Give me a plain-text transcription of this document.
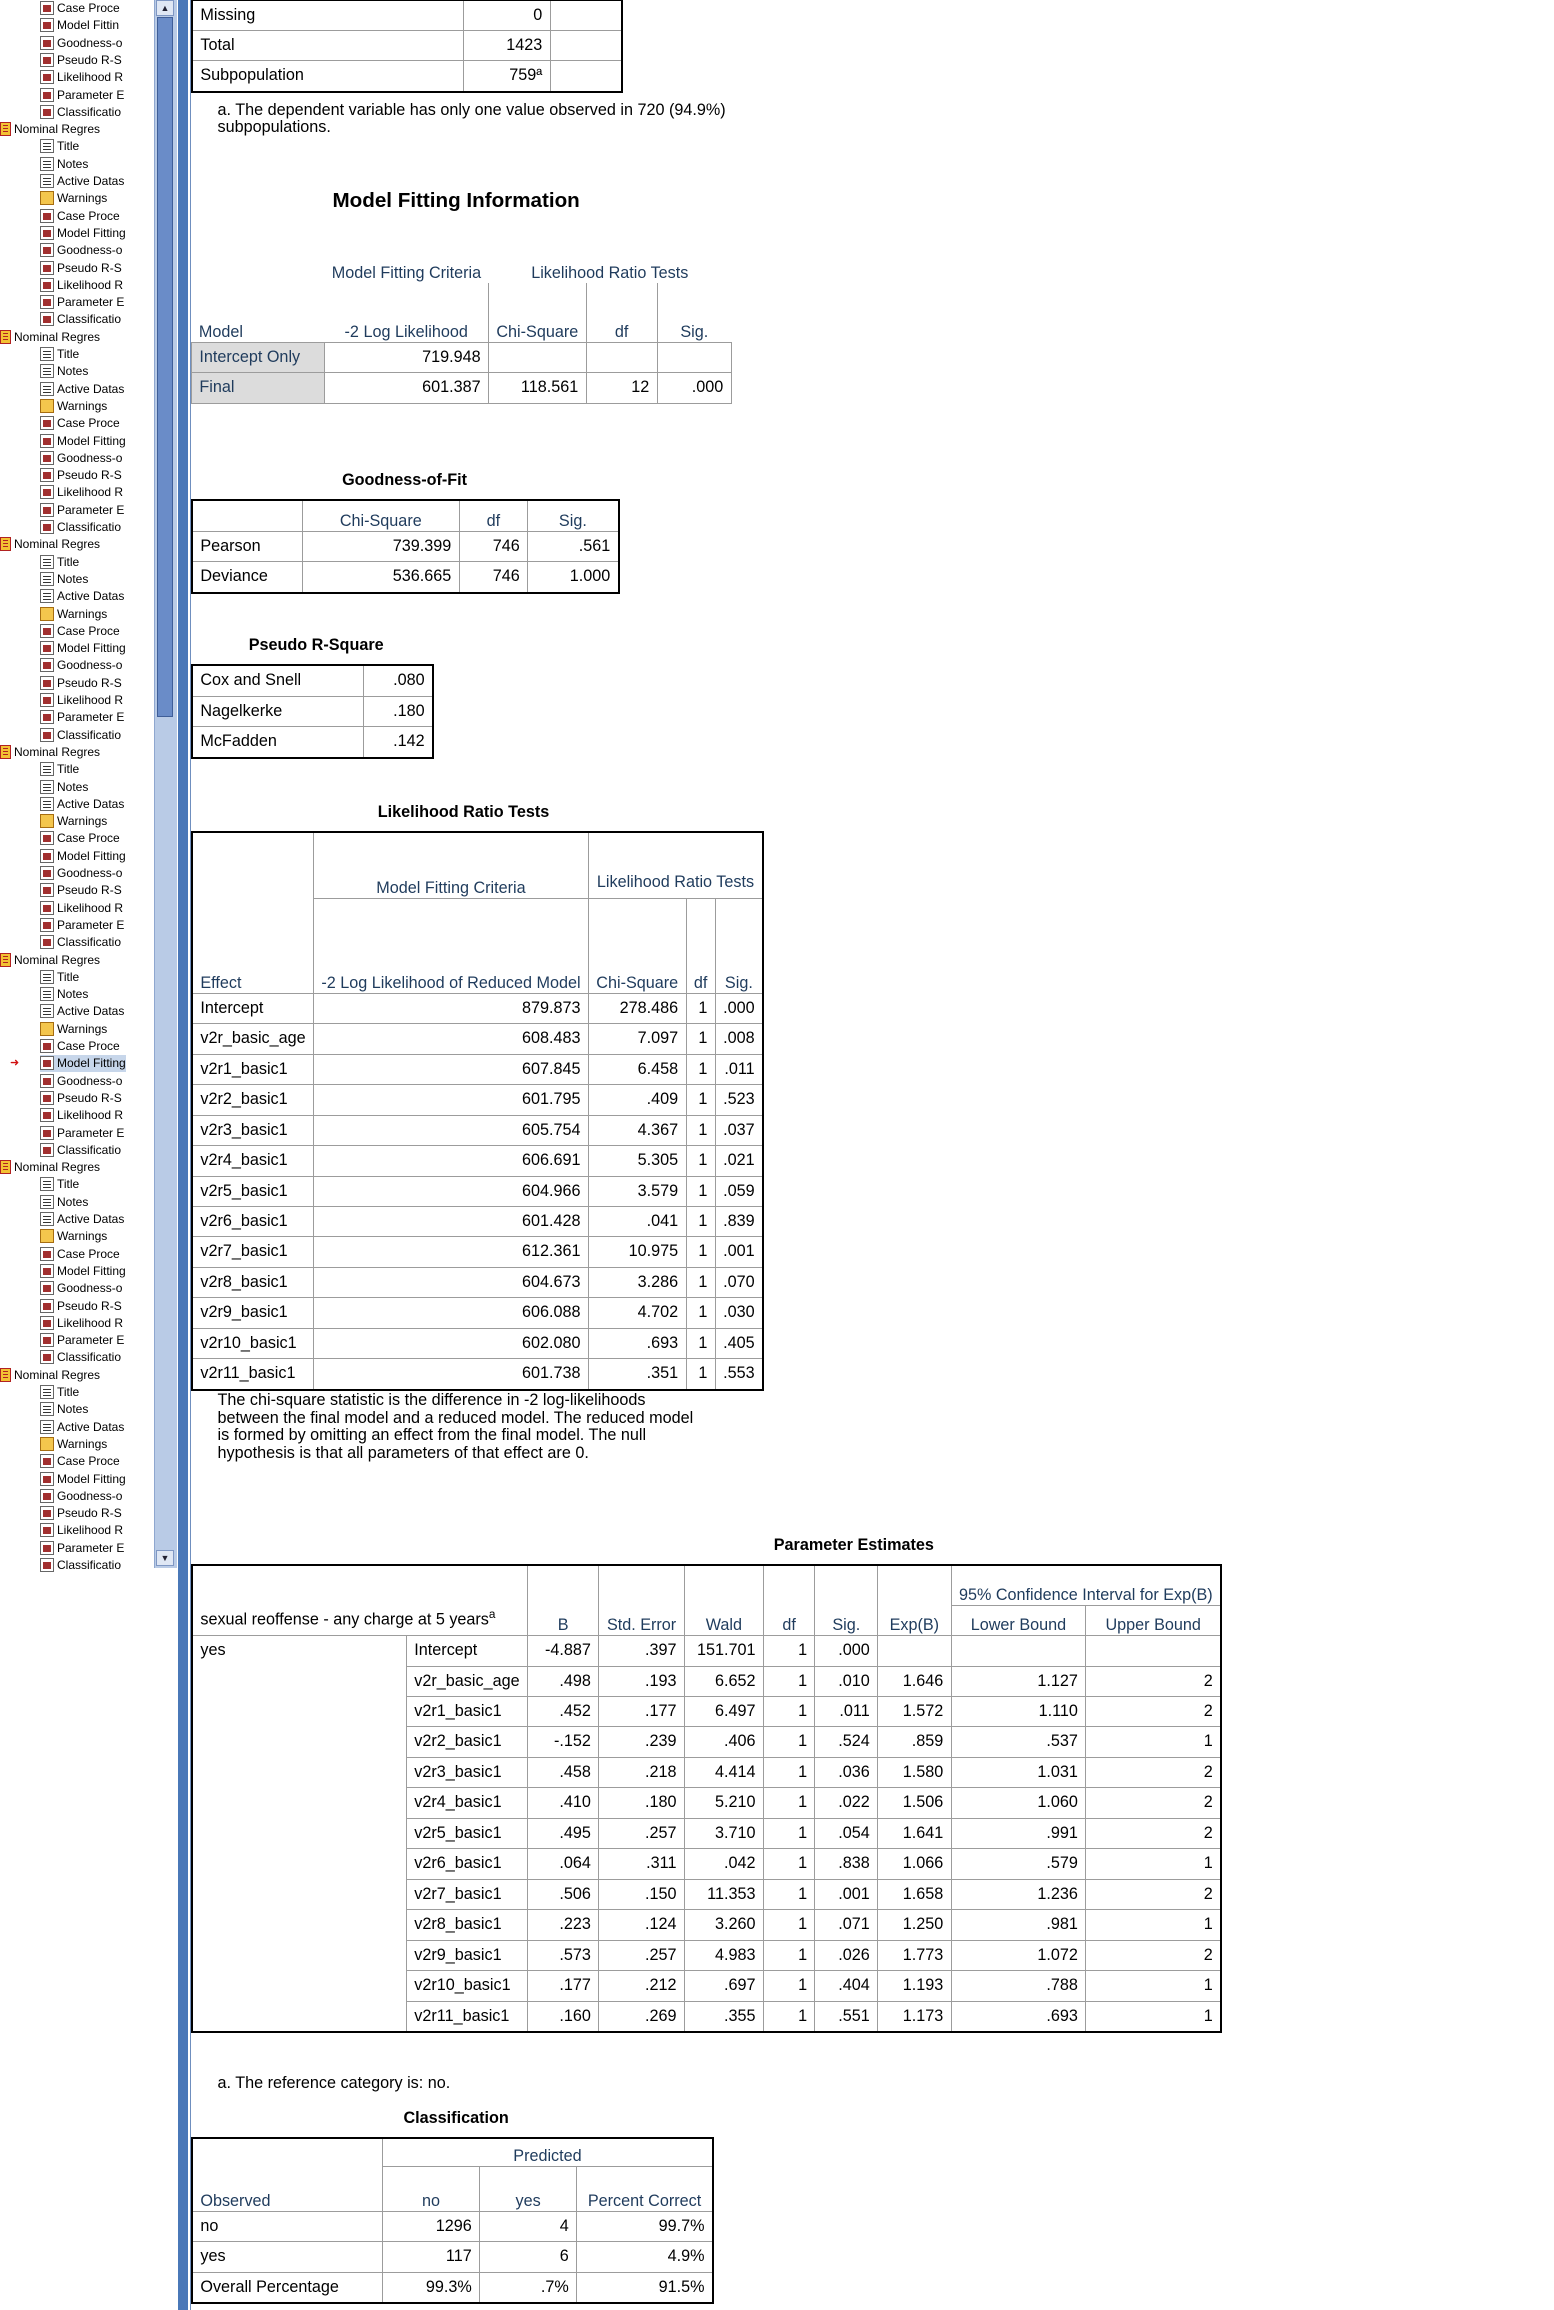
Case Proce
Model Fittin
Goodness-o
Pseudo R-S
Likelihood R
Parameter E
Classificatio
Nominal Regres
Title
Notes
Active Datas
Warnings
Case Proce
Model Fitting
Goodness-o
Pseudo R-S
Likelihood R
Parameter E
Classificatio
Nominal Regres
Title
Notes
Active Datas
Warnings
Case Proce
Model Fitting
Goodness-o
Pseudo R-S
Likelihood R
Parameter E
Classificatio
Nominal Regres
Title
Notes
Active Datas
Warnings
Case Proce
Model Fitting
Goodness-o
Pseudo R-S
Likelihood R
Parameter E
Classificatio
Nominal Regres
Title
Notes
Active Datas
Warnings
Case Proce
Model Fitting
Goodness-o
Pseudo R-S
Likelihood R
Parameter E
Classificatio
Nominal Regres
Title
Notes
Active Datas
Warnings
Case Proce
Model Fitting
➜
Goodness-o
Pseudo R-S
Likelihood R
Parameter E
Classificatio
Nominal Regres
Title
Notes
Active Datas
Warnings
Case Proce
Model Fitting
Goodness-o
Pseudo R-S
Likelihood R
Parameter E
Classificatio
Nominal Regres
Title
Notes
Active Datas
Warnings
Case Proce
Model Fitting
Goodness-o
Pseudo R-S
Likelihood R
Parameter E
Classificatio
▲
▼
Missing	0	
Total	1423	
Subpopulation	759ª	
a. The dependent variable has only one value observed in 720 (94.9%) subpopulations.
Model Fitting Information
Model	Model Fitting Criteria	Likelihood Ratio Tests		
	-2 Log Likelihood	Chi-Square	df	Sig.
Intercept Only	719.948			
Final	601.387	118.561	12	.000
Goodness-of-Fit
	Chi-Square	df	Sig.
Pearson	739.399	746	.561
Deviance	536.665	746	1.000
Pseudo R-Square
Cox and Snell	.080
Nagelkerke	.180
McFadden	.142
Likelihood Ratio Tests
Effect	Model Fitting Criteria	Likelihood Ratio Tests		
	-2 Log Likelihood of Reduced Model	Chi-Square	df	Sig.
Intercept	879.873	278.486	1	.000
v2r_basic_age	608.483	7.097	1	.008
v2r1_basic1	607.845	6.458	1	.011
v2r2_basic1	601.795	.409	1	.523
v2r3_basic1	605.754	4.367	1	.037
v2r4_basic1	606.691	5.305	1	.021
v2r5_basic1	604.966	3.579	1	.059
v2r6_basic1	601.428	.041	1	.839
v2r7_basic1	612.361	10.975	1	.001
v2r8_basic1	604.673	3.286	1	.070
v2r9_basic1	606.088	4.702	1	.030
v2r10_basic1	602.080	.693	1	.405
v2r11_basic1	601.738	.351	1	.553
The chi-square statistic is the difference in -2 log-likelihoods between the final model and a reduced model. The reduced model is formed by omitting an effect from the final model. The null hypothesis is that all parameters of that effect are 0.
Parameter Estimates
sexual reoffense - any charge at 5 years$^a$		B	Std. Error	Wald	df	Sig.	Exp(B)	95% Confidence Interval for Exp(B)	
								Lower Bound	Upper Bound
yes	Intercept	-4.887	.397	151.701	1	.000			
	v2r_basic_age	.498	.193	6.652	1	.010	1.646	1.127	2
	v2r1_basic1	.452	.177	6.497	1	.011	1.572	1.110	2
	v2r2_basic1	-.152	.239	.406	1	.524	.859	.537	1
	v2r3_basic1	.458	.218	4.414	1	.036	1.580	1.031	2
	v2r4_basic1	.410	.180	5.210	1	.022	1.506	1.060	2
	v2r5_basic1	.495	.257	3.710	1	.054	1.641	.991	2
	v2r6_basic1	.064	.311	.042	1	.838	1.066	.579	1
	v2r7_basic1	.506	.150	11.353	1	.001	1.658	1.236	2
	v2r8_basic1	.223	.124	3.260	1	.071	1.250	.981	1
	v2r9_basic1	.573	.257	4.983	1	.026	1.773	1.072	2
	v2r10_basic1	.177	.212	.697	1	.404	1.193	.788	1
	v2r11_basic1	.160	.269	.355	1	.551	1.173	.693	1
a. The reference category is: no.
Classification
Observed	Predicted		
	no	yes	Percent Correct
no	1296	4	99.7%
yes	117	6	4.9%
Overall Percentage	99.3%	.7%	91.5%
